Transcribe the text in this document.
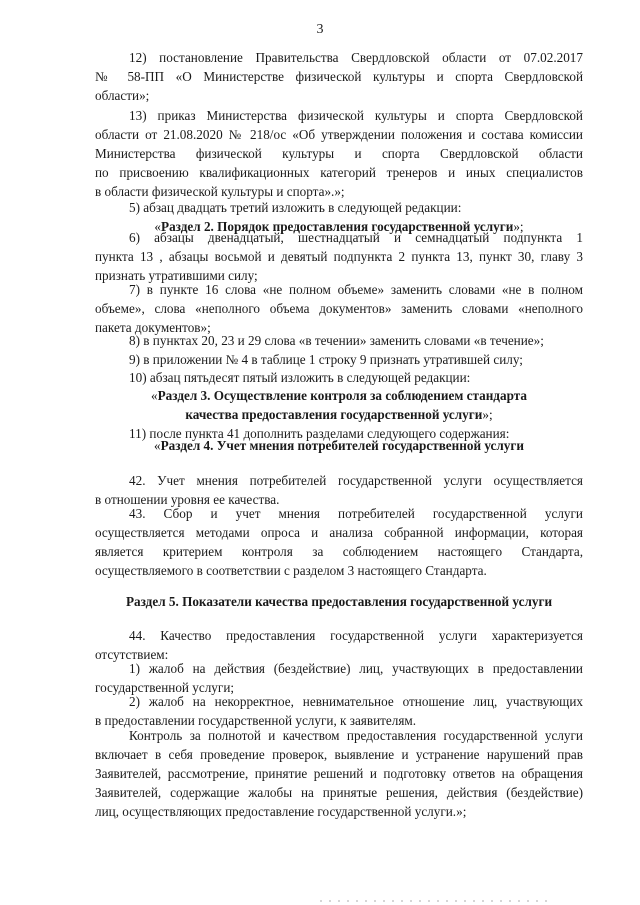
3
12) постановление Правительства Свердловской области от 07.02.2017
№ 58-ПП «О Министерстве физической культуры и спорта Свердловской
области»;
13) приказ Министерства физической культуры и спорта Свердловской
области от 21.08.2020 № 218/ос «Об утверждении положения и состава комиссии
Министерства физической культуры и спорта Свердловской области
по присвоению квалификационных категорий тренеров и иных специалистов
в области физической культуры и спорта».»;
5) абзац двадцать третий изложить в следующей редакции:
«Раздел 2. Порядок предоставления государственной услуги»;
6) абзацы двенадцатый, шестнадцатый и семнадцатый подпункта 1
пункта 13 , абзацы восьмой и девятый подпункта 2 пункта 13, пункт 30, главу 3
признать утратившими силу;
7) в пункте 16 слова «не полном объеме» заменить словами «не в полном
объеме», слова «неполного объема документов» заменить словами «неполного
пакета документов»;
8) в пунктах 20, 23 и 29 слова «в течении» заменить словами «в течение»;
9) в приложении № 4 в таблице 1 строку 9 признать утратившей силу;
10) абзац пятьдесят пятый изложить в следующей редакции:
«Раздел 3. Осуществление контроля за соблюдением стандарта
качества предоставления государственной услуги»;
11) после пункта 41 дополнить разделами следующего содержания:
«Раздел 4. Учет мнения потребителей государственной услуги
42. Учет мнения потребителей государственной услуги осуществляется
в отношении уровня ее качества.
43. Сбор и учет мнения потребителей государственной услуги
осуществляется методами опроса и анализа собранной информации, которая
является критерием контроля за соблюдением настоящего Стандарта,
осуществляемого в соответствии с разделом 3 настоящего Стандарта.
Раздел 5. Показатели качества предоставления государственной услуги
44. Качество предоставления государственной услуги характеризуется
отсутствием:
1) жалоб на действия (бездействие) лиц, участвующих в предоставлении
государственной услуги;
2) жалоб на некорректное, невнимательное отношение лиц, участвующих
в предоставлении государственной услуги, к заявителям.
Контроль за полнотой и качеством предоставления государственной услуги
включает в себя проведение проверок, выявление и устранение нарушений прав
Заявителей, рассмотрение, принятие решений и подготовку ответов на обращения
Заявителей, содержащие жалобы на принятые решения, действия (бездействие)
лиц, осуществляющих предоставление государственной услуги.»;
